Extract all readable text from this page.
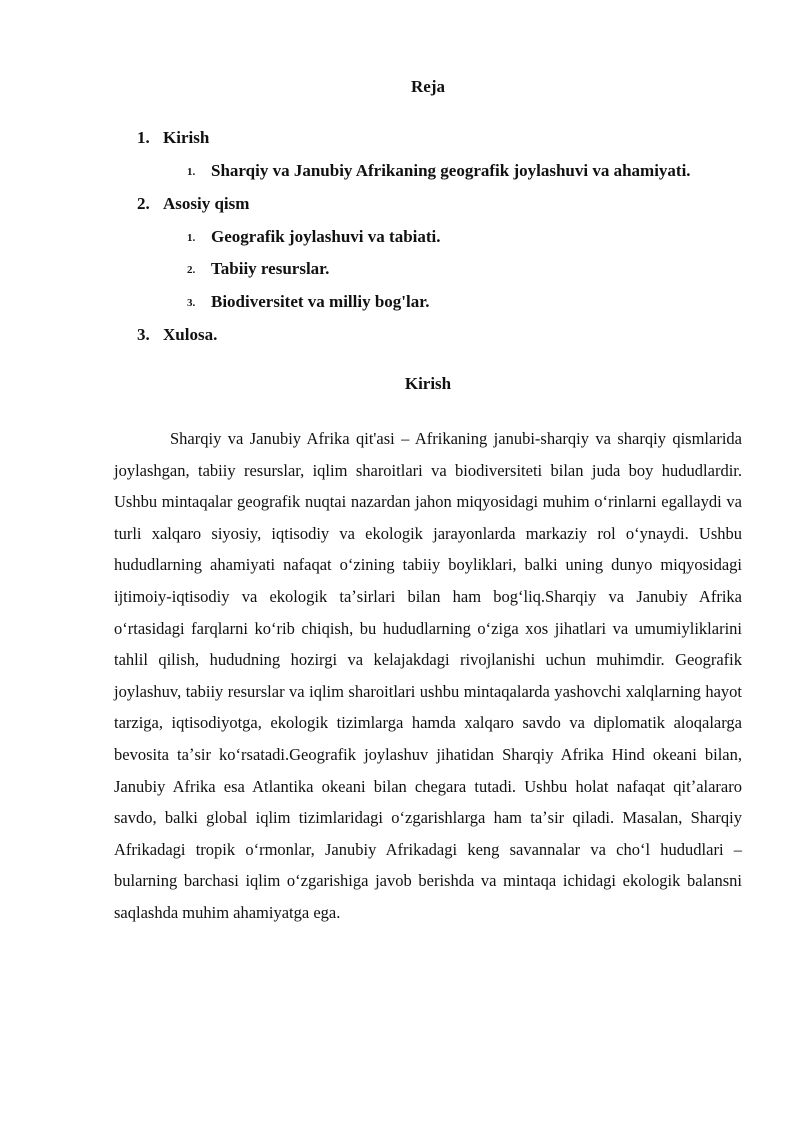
Reja
1. Kirish
1. Sharqiy va Janubiy Afrikaning geografik joylashuvi va ahamiyati.
2. Asosiy qism
1. Geografik joylashuvi va tabiati.
2. Tabiiy resurslar.
3. Biodiversitet va milliy bog'lar.
3. Xulosa.
Kirish

Sharqiy va Janubiy Afrika qit'asi – Afrikaning janubi-sharqiy va sharqiy qismlarida joylashgan, tabiiy resurslar, iqlim sharoitlari va biodiversiteti bilan juda boy hududlardir. Ushbu mintaqalar geografik nuqtai nazardan jahon miqyosidagi muhim oʻrinlarni egallaydi va turli xalqaro siyosiy, iqtisodiy va ekologik jarayonlarda markaziy rol oʻynaydi. Ushbu hududlarning ahamiyati nafaqat oʻzining tabiiy boyliklari, balki uning dunyo miqyosidagi ijtimoiy-iqtisodiy va ekologik taʼsirlari bilan ham bogʻliq.Sharqiy va Janubiy Afrika oʻrtasidagi farqlarni koʻrib chiqish, bu hududlarning oʻziga xos jihatlari va umumiyliklarini tahlil qilish, hududning hozirgi va kelajakdagi rivojlanishi uchun muhimdir. Geografik joylashuv, tabiiy resurslar va iqlim sharoitlari ushbu mintaqalarda yashovchi xalqlarning hayot tarziga, iqtisodiyotga, ekologik tizimlarga hamda xalqaro savdo va diplomatik aloqalarga bevosita taʼsir koʻrsatadi.Geografik joylashuv jihatidan Sharqiy Afrika Hind okeani bilan, Janubiy Afrika esa Atlantika okeani bilan chegara tutadi. Ushbu holat nafaqat qitʼalararo savdo, balki global iqlim tizimlaridagi oʻzgarishlarga ham taʼsir qiladi. Masalan, Sharqiy Afrikadagi tropik oʻrmonlar, Janubiy Afrikadagi keng savannalar va choʻl hududlari – bularning barchasi iqlim oʻzgarishiga javob berishda va mintaqa ichidagi ekologik balansni saqlashda muhim ahamiyatga ega.
